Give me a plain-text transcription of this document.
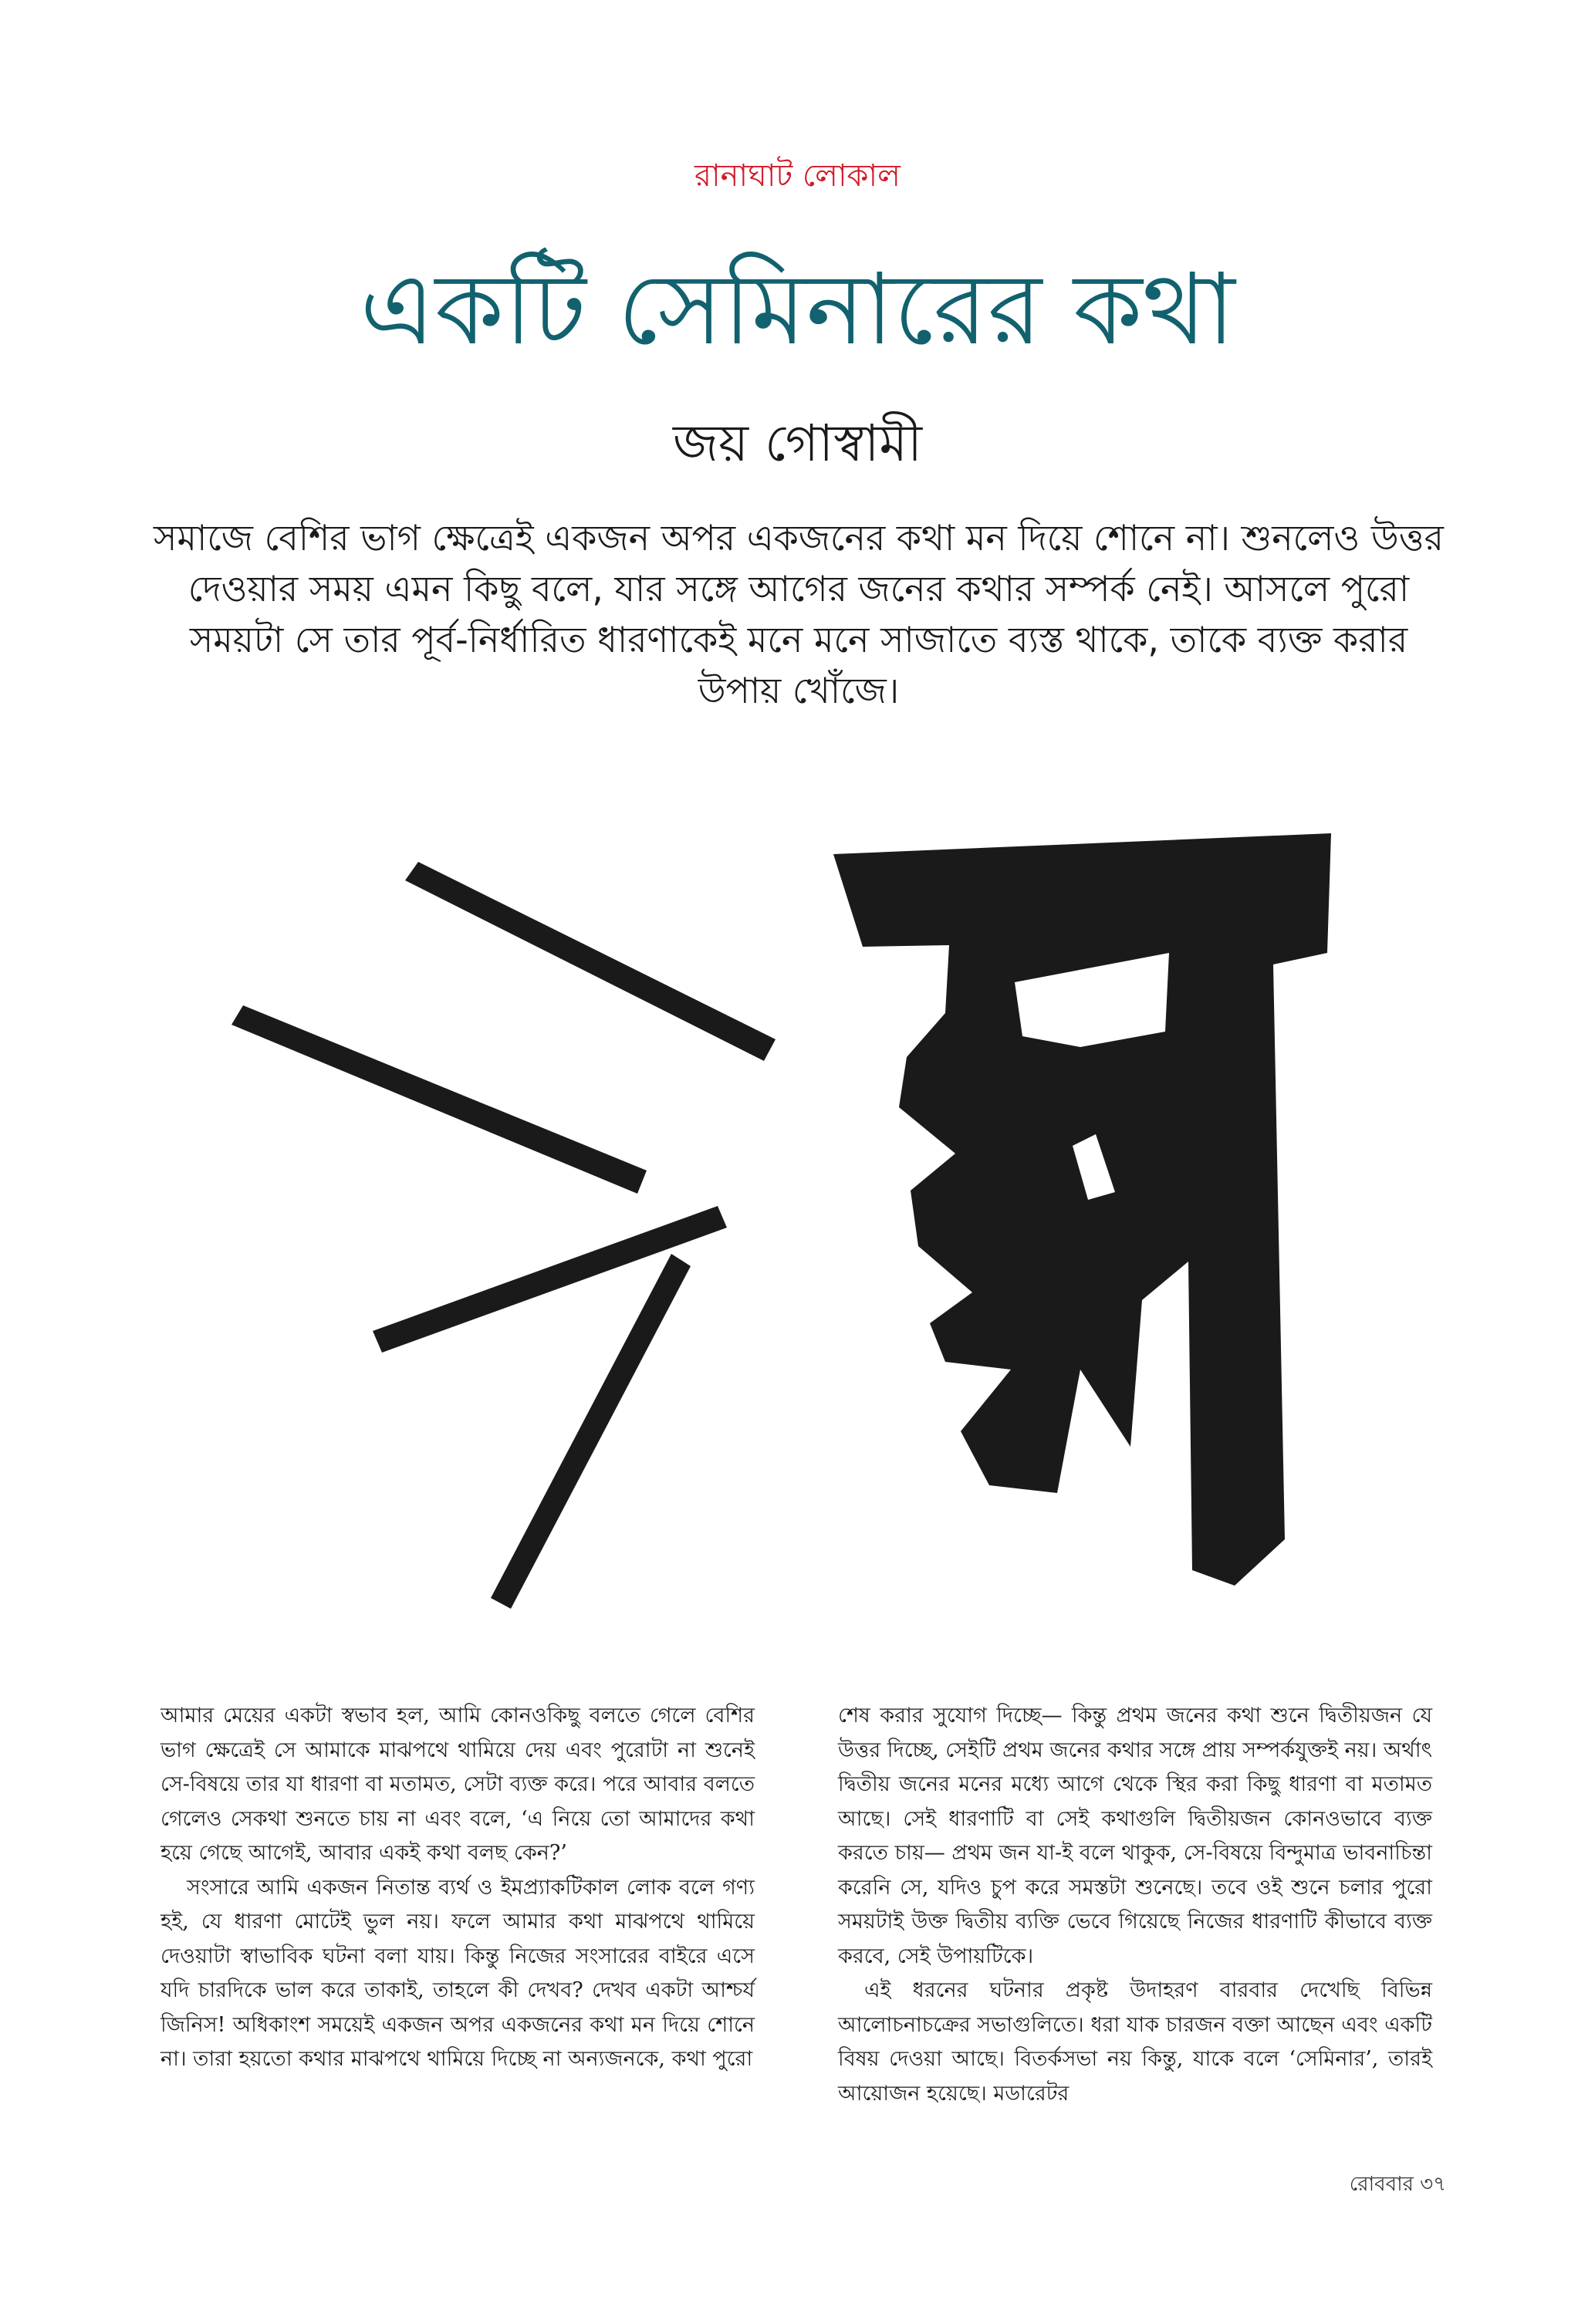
রানাঘাট লোকাল
একটি সেমিনারের কথা
জয় গোস্বামী
সমাজে বেশির ভাগ ক্ষেত্রেই একজন অপর একজনের কথা মন দিয়ে শোনে না। শুনলেও উত্তর দেওয়ার সময় এমন কিছু বলে, যার সঙ্গে আগের জনের কথার সম্পর্ক নেই। আসলে পুরো সময়টা সে তার পূর্ব-নির্ধারিত ধারণাকেই মনে মনে সাজাতে ব্যস্ত থাকে, তাকে ব্যক্ত করার উপায় খোঁজে।

আমার মেয়ের একটা স্বভাব হল, আমি কোনওকিছু বলতে গেলে বেশির ভাগ ক্ষেত্রেই সে আমাকে মাঝপথে থামিয়ে দেয় এবং পুরোটা না শুনেই সে-বিষয়ে তার যা ধারণা বা মতামত, সেটা ব্যক্ত করে। পরে আবার বলতে গেলেও সেকথা শুনতে চায় না এবং বলে, ‘এ নিয়ে তো আমাদের কথা হয়ে গেছে আগেই, আবার একই কথা বলছ কেন?’

সংসারে আমি একজন নিতান্ত ব্যর্থ ও ইমপ্র্যাকটিকাল লোক বলে গণ্য হই, যে ধারণা মোটেই ভুল নয়। ফলে আমার কথা মাঝপথে থামিয়ে দেওয়াটা স্বাভাবিক ঘটনা বলা যায়। কিন্তু নিজের সংসারের বাইরে এসে যদি চারদিকে ভাল করে তাকাই, তাহলে কী দেখব? দেখব একটা আশ্চর্য জিনিস! অধিকাংশ সময়েই একজন অপর একজনের কথা মন দিয়ে শোনে না। তারা হয়তো কথার মাঝপথে থামিয়ে দিচ্ছে না অন্যজনকে, কথা পুরো

শেষ করার সুযোগ দিচ্ছে— কিন্তু প্রথম জনের কথা শুনে দ্বিতীয়জন যে উত্তর দিচ্ছে, সেইটি প্রথম জনের কথার সঙ্গে প্রায় সম্পর্কযুক্তই নয়। অর্থাৎ দ্বিতীয় জনের মনের মধ্যে আগে থেকে স্থির করা কিছু ধারণা বা মতামত আছে। সেই ধারণাটি বা সেই কথাগুলি দ্বিতীয়জন কোনওভাবে ব্যক্ত করতে চায়— প্রথম জন যা-ই বলে থাকুক, সে-বিষয়ে বিন্দুমাত্র ভাবনাচিন্তা করেনি সে, যদিও চুপ করে সমস্তটা শুনেছে। তবে ওই শুনে চলার পুরো সময়টাই উক্ত দ্বিতীয় ব্যক্তি ভেবে গিয়েছে নিজের ধারণাটি কীভাবে ব্যক্ত করবে, সেই উপায়টিকে।

এই ধরনের ঘটনার প্রকৃষ্ট উদাহরণ বারবার দেখেছি বিভিন্ন আলোচনাচক্রের সভাগুলিতে। ধরা যাক চারজন বক্তা আছেন এবং একটি বিষয় দেওয়া আছে। বিতর্কসভা নয় কিন্তু, যাকে বলে ‘সেমিনার’, তারই আয়োজন হয়েছে। মডারেটর

রোববার ৩৭
